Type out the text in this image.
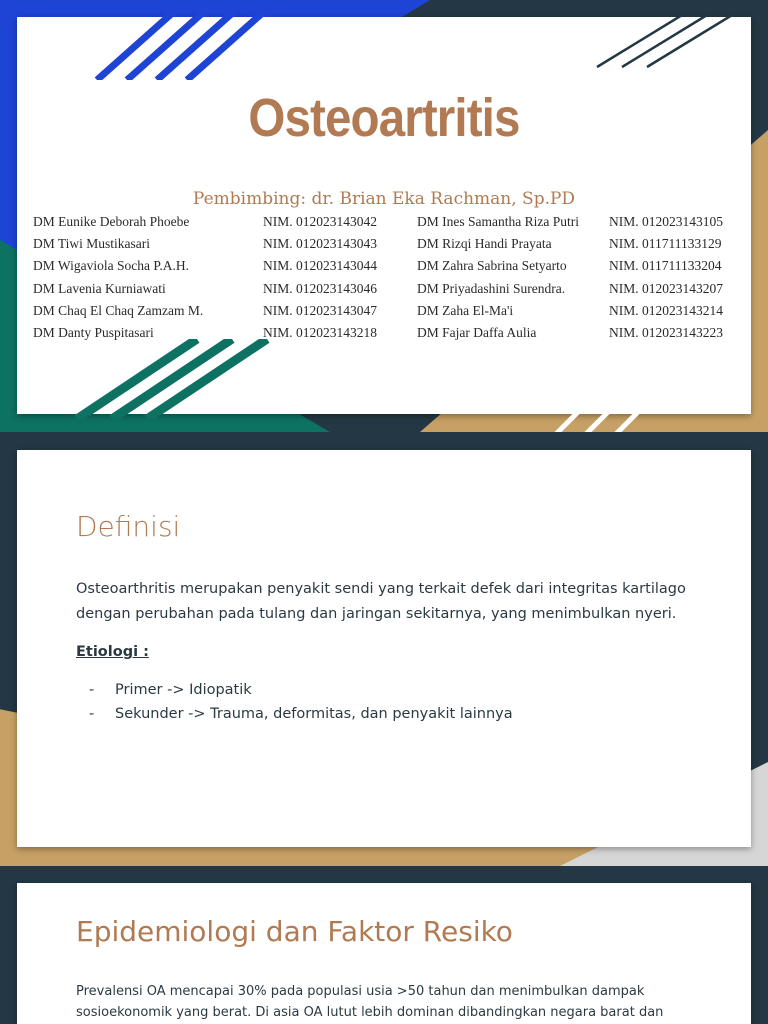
Osteoartritis
Pembimbing: dr. Brian Eka Rachman, Sp.PD
DM Eunike Deborah Phoebe	NIM. 012023143042
DM Tiwi Mustikasari	NIM. 012023143043
DM Wigaviola Socha P.A.H.	NIM. 012023143044
DM Lavenia Kurniawati	NIM. 012023143046
DM Chaq El Chaq Zamzam M.	NIM. 012023143047
DM Danty Puspitasari	NIM. 012023143218
DM Ines Samantha Riza Putri NIM. 012023143105
DM Rizqi Handi Prayata	NIM. 011711133129
DM Zahra Sabrina Setyarto	NIM. 011711133204
DM Priyadashini Surendra.	NIM. 012023143207
DM Zaha El-Ma'i	NIM. 012023143214
DM Fajar Daffa Aulia	NIM. 012023143223
Definisi
Osteoarthritis merupakan penyakit sendi yang terkait defek dari integritas kartilago dengan perubahan pada tulang dan jaringan sekitarnya, yang menimbulkan nyeri.
Etiologi :
- Primer -> Idiopatik
- Sekunder -> Trauma, deformitas, dan penyakit lainnya
Epidemiologi dan Faktor Resiko
Prevalensi OA mencapai 30% pada populasi usia >50 tahun dan menimbulkan dampak sosioekonomik yang berat. Di asia OA lutut lebih dominan dibandingkan negara barat dan
